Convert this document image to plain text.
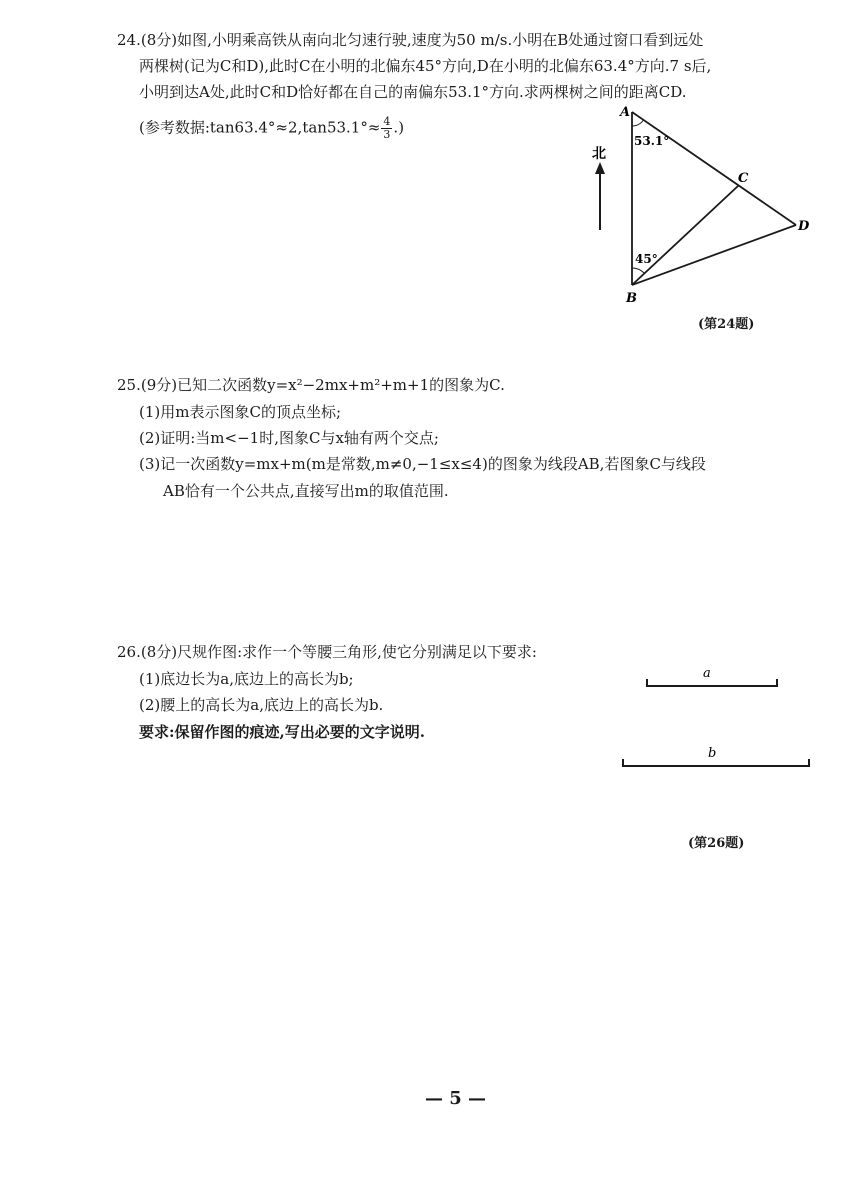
24.(8分)如图,小明乘高铁从南向北匀速行驶,速度为50 m/s.小明在B处通过窗口看到远处
两棵树(记为C和D),此时C在小明的北偏东45°方向,D在小明的北偏东63.4°方向.7 s后,
小明到达A处,此时C和D恰好都在自己的南偏东53.1°方向.求两棵树之间的距离CD.
(参考数据:tan63.4°≈2,tan53.1°≈ $\frac{4}{3}$ .)
北
A
B
C
D
53.1°
45°
(第24题)
25.(9分)已知二次函数y=x²−2mx+m²+m+1的图象为C.
(1)用m表示图象C的顶点坐标;
(2)证明:当m<−1时,图象C与x轴有两个交点;
(3)记一次函数y=mx+m(m是常数,m≠0,−1≤x≤4)的图象为线段AB,若图象C与线段
AB恰有一个公共点,直接写出m的取值范围.
26.(8分)尺规作图:求作一个等腰三角形,使它分别满足以下要求:
(1)底边长为a,底边上的高长为b;
(2)腰上的高长为a,底边上的高长为b.
要求:保留作图的痕迹,写出必要的文字说明.
a
b
(第26题)
— 5 —
